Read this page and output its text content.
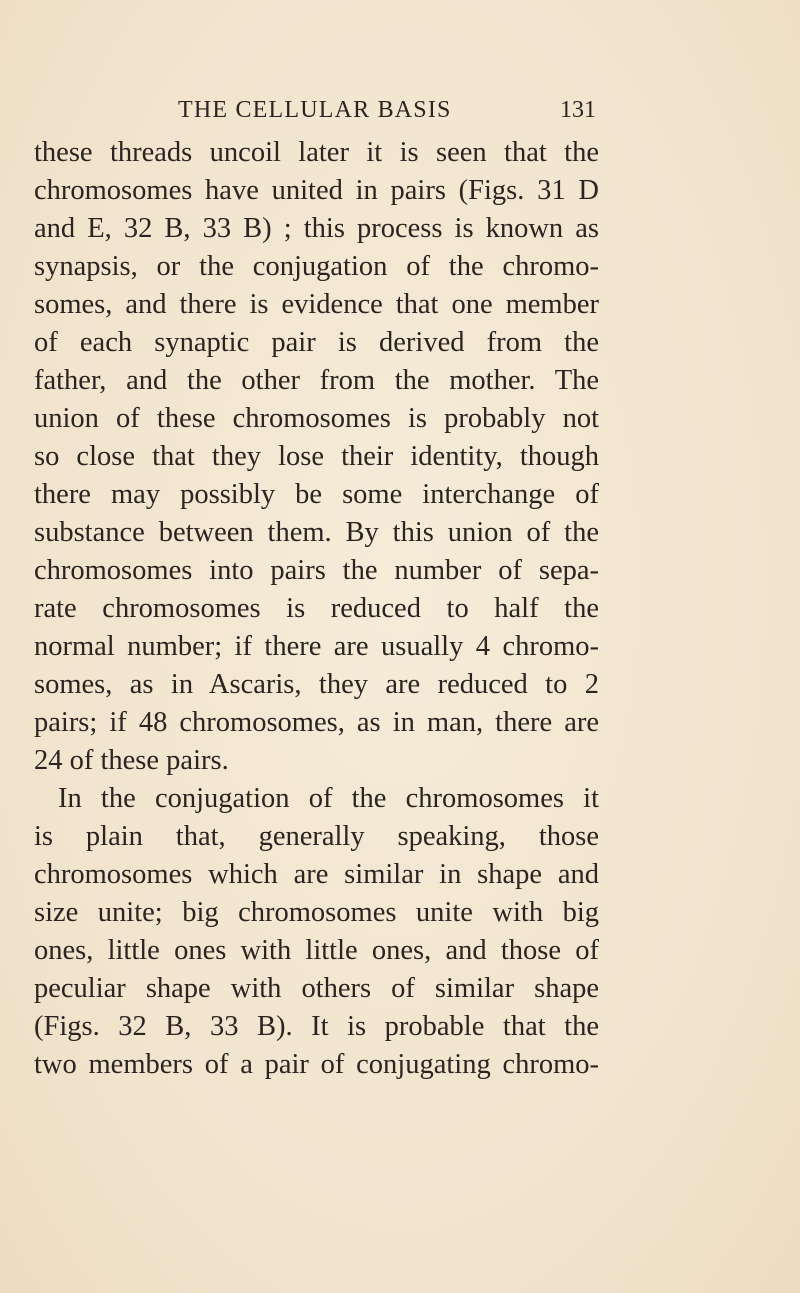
THE CELLULAR BASIS	131
these threads uncoil later it is seen that the
chromosomes have united in pairs (Figs. 31 D
and E, 32 B, 33 B) ; this process is known as
synapsis, or the conjugation of the chromo-
somes, and there is evidence that one member
of each synaptic pair is derived from the
father, and the other from the mother. The
union of these chromosomes is probably not
so close that they lose their identity, though
there may possibly be some interchange of
substance between them. By this union of the
chromosomes into pairs the number of sepa-
rate chromosomes is reduced to half the
normal number; if there are usually 4 chromo-
somes, as in Ascaris, they are reduced to 2
pairs; if 48 chromosomes, as in man, there are
24 of these pairs.
In the conjugation of the chromosomes it
is plain that, generally speaking, those
chromosomes which are similar in shape and
size unite; big chromosomes unite with big
ones, little ones with little ones, and those of
peculiar shape with others of similar shape
(Figs. 32 B, 33 B). It is probable that the
two members of a pair of conjugating chromo-
